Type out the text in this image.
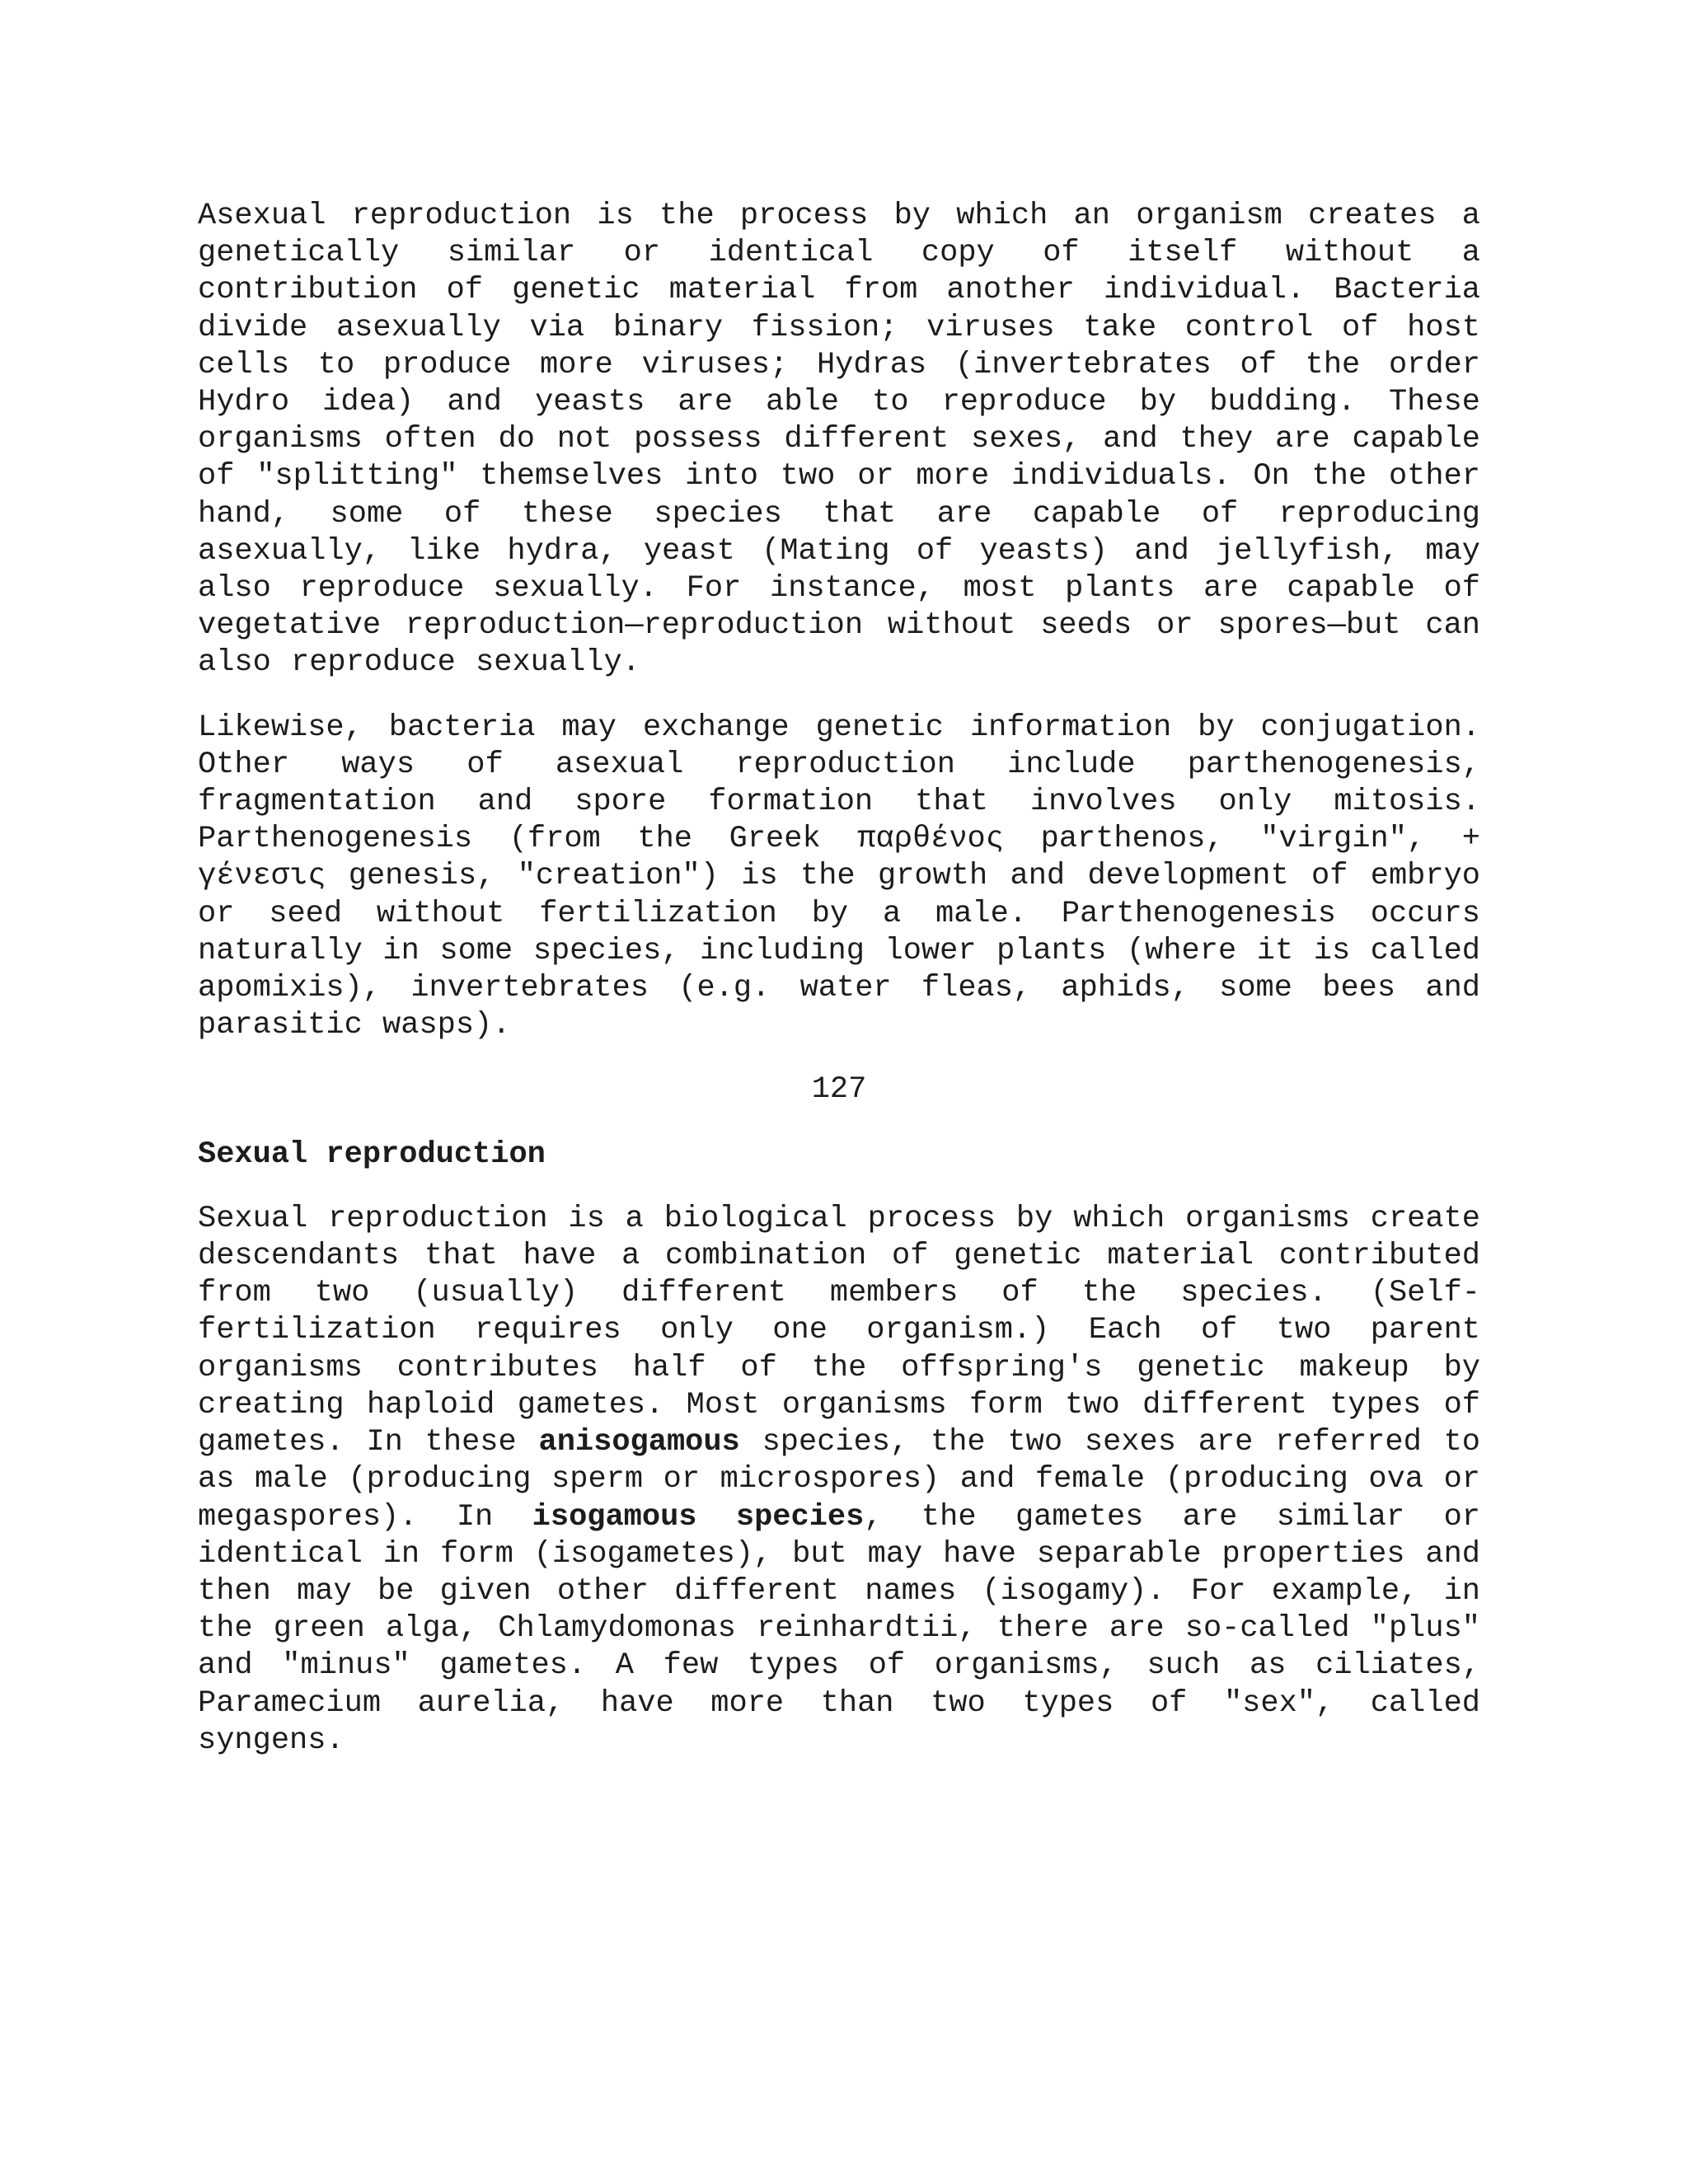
Asexual reproduction is the process by which an organism creates a genetically similar or identical copy of itself without a contribution of genetic material from another individual. Bacteria divide asexually via binary fission; viruses take control of host cells to produce more viruses; Hydras (invertebrates of the order Hydro idea) and yeasts are able to reproduce by budding. These organisms often do not possess different sexes, and they are capable of "splitting" themselves into two or more individuals. On the other hand, some of these species that are capable of reproducing asexually, like hydra, yeast (Mating of yeasts) and jellyfish, may also reproduce sexually. For instance, most plants are capable of vegetative reproduction—reproduction without seeds or spores—but can also reproduce sexually.

Likewise, bacteria may exchange genetic information by conjugation. Other ways of asexual reproduction include parthenogenesis, fragmentation and spore formation that involves only mitosis. Parthenogenesis (from the Greek παρθένος parthenos, "virgin", + γένεσις genesis, "creation") is the growth and development of embryo or seed without fertilization by a male. Parthenogenesis occurs naturally in some species, including lower plants (where it is called apomixis), invertebrates (e.g. water fleas, aphids, some bees and parasitic wasps).

127
Sexual reproduction

Sexual reproduction is a biological process by which organisms create descendants that have a combination of genetic material contributed from two (usually) different members of the species. (Self-fertilization requires only one organism.) Each of two parent organisms contributes half of the offspring's genetic makeup by creating haploid gametes. Most organisms form two different types of gametes. In these anisogamous species, the two sexes are referred to as male (producing sperm or microspores) and female (producing ova or megaspores). In isogamous species, the gametes are similar or identical in form (isogametes), but may have separable properties and then may be given other different names (isogamy). For example, in the green alga, Chlamydomonas reinhardtii, there are so-called "plus" and "minus" gametes. A few types of organisms, such as ciliates, Paramecium aurelia, have more than two types of "sex", called syngens.
